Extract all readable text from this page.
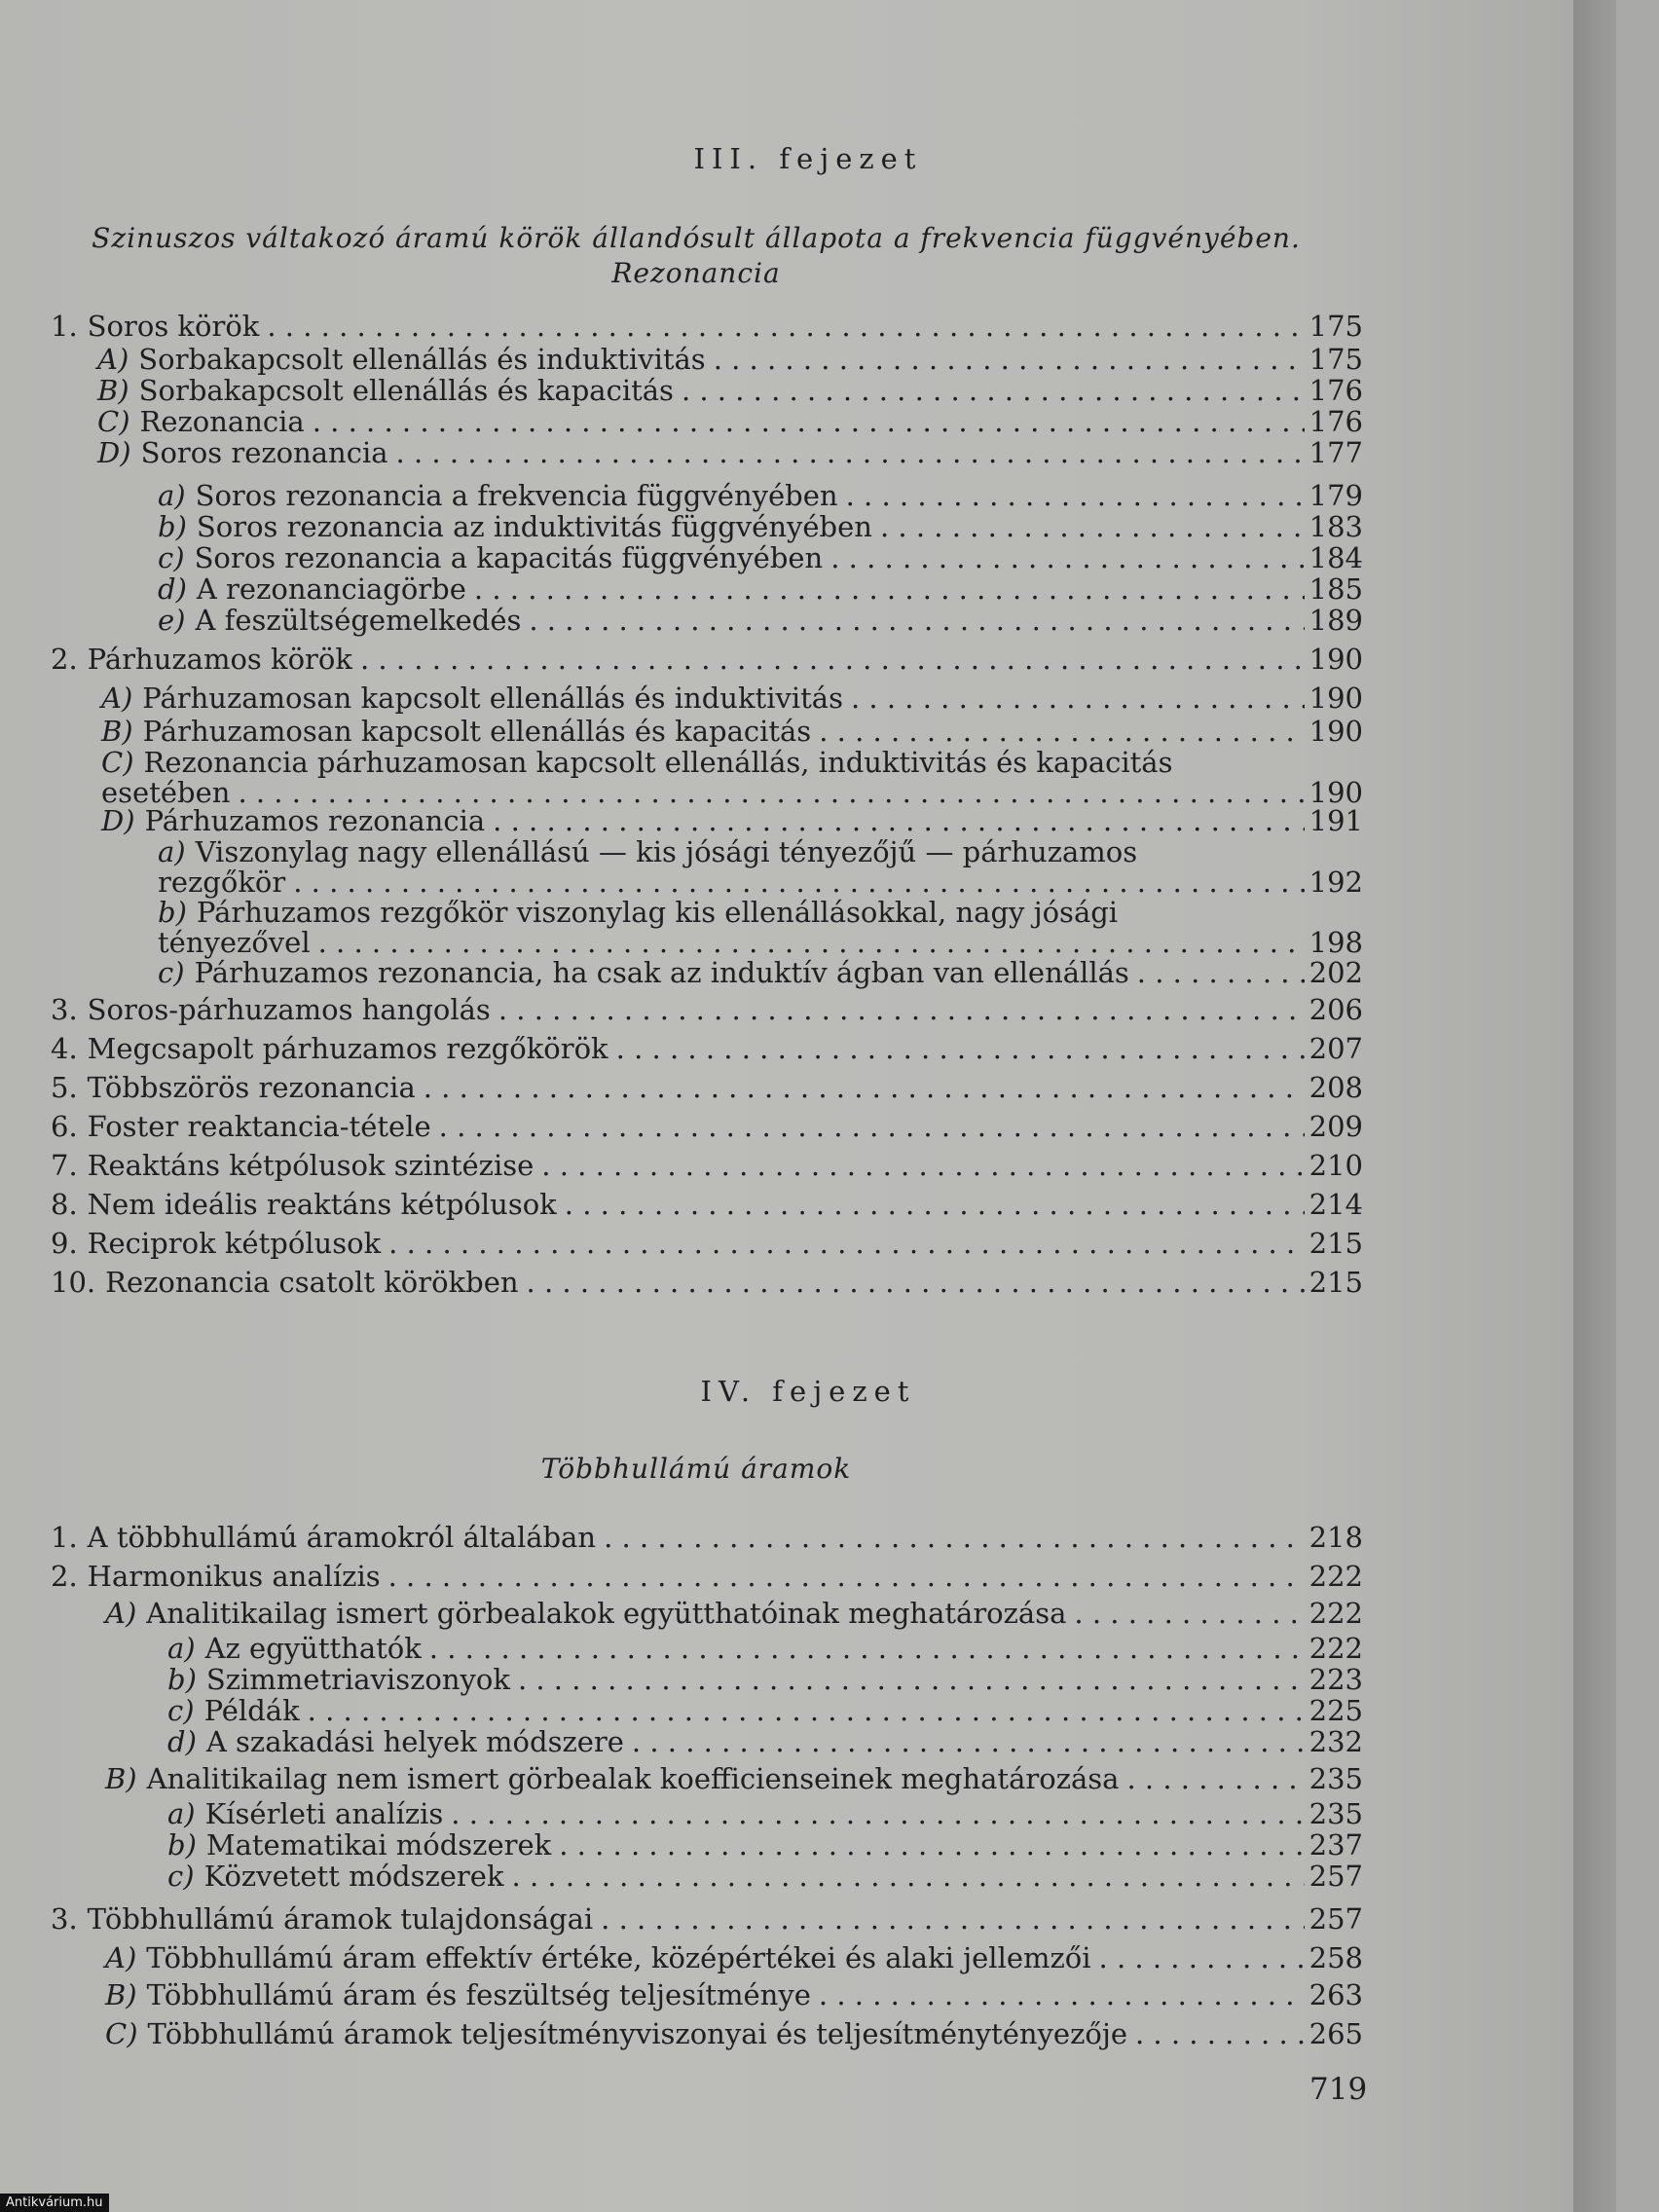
III. fejezet
Szinuszos váltakozó áramú körök állandósult állapota a frekvencia függvényében.
Rezonancia
1. Soros körök . . .	175
A) Sorbakapcsolt ellenállás és induktivitás . . .	175
B) Sorbakapcsolt ellenállás és kapacitás . . .	176
C) Rezonancia . . .	176
D) Soros rezonancia . . .	177
a) Soros rezonancia a frekvencia függvényében . . .	179
b) Soros rezonancia az induktivitás függvényében . . .	183
c) Soros rezonancia a kapacitás függvényében . . .	184
d) A rezonanciagörbe . . .	185
e) A feszültségemelkedés . . .	189
2. Párhuzamos körök . . .	190
A) Párhuzamosan kapcsolt ellenállás és induktivitás . . .	190
B) Párhuzamosan kapcsolt ellenállás és kapacitás . . .	190
C) Rezonancia párhuzamosan kapcsolt ellenállás, induktivitás és kapacitás
esetében . . .	190
D) Párhuzamos rezonancia . . .	191
a) Viszonylag nagy ellenállású — kis jósági tényezőjű — párhuzamos
rezgőkör . . .	192
b) Párhuzamos rezgőkör viszonylag kis ellenállásokkal, nagy jósági
tényezővel . . .	198
c) Párhuzamos rezonancia, ha csak az induktív ágban van ellenállás . . .	202
3. Soros-párhuzamos hangolás . . .	206
4. Megcsapolt párhuzamos rezgőkörök . . .	207
5. Többszörös rezonancia . . .	208
6. Foster reaktancia-tétele . . .	209
7. Reaktáns kétpólusok szintézise . . .	210
8. Nem ideális reaktáns kétpólusok . . .	214
9. Reciprok kétpólusok . . .	215
10. Rezonancia csatolt körökben . . .	215
IV. fejezet
Többhullámú áramok
1. A többhullámú áramokról általában . . .	218
2. Harmonikus analízis . . .	222
A) Analitikailag ismert görbealakok együtthatóinak meghatározása . . .	222
a) Az együtthatók . . .	222
b) Szimmetriaviszonyok . . .	223
c) Példák . . .	225
d) A szakadási helyek módszere . . .	232
B) Analitikailag nem ismert görbealak koefficienseinek meghatározása . . .	235
a) Kísérleti analízis . . .	235
b) Matematikai módszerek . . .	237
c) Közvetett módszerek . . .	257
3. Többhullámú áramok tulajdonságai . . .	257
A) Többhullámú áram effektív értéke, középértékei és alaki jellemzői . . .	258
B) Többhullámú áram és feszültség teljesítménye . . .	263
C) Többhullámú áramok teljesítményviszonyai és teljesítménytényezője . . .	265
719
Antikvárium.hu
